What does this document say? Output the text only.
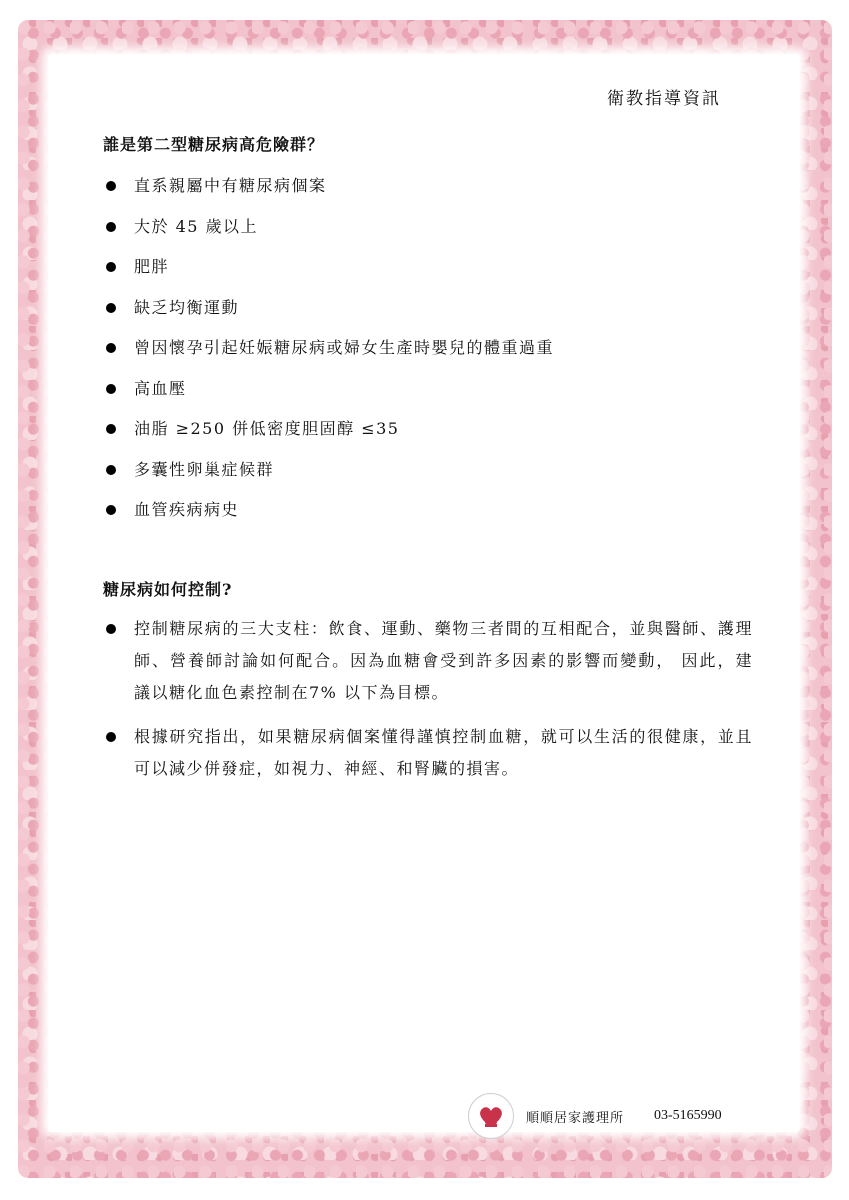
衛教指導資訊
誰是第二型糖尿病高危險群？
直系親屬中有糖尿病個案
大於 45 歲以上
肥胖
缺乏均衡運動
曾因懷孕引起妊娠糖尿病或婦女生產時嬰兒的體重過重
高血壓
油脂 ≥250 併低密度胆固醇 ≤35
多囊性卵巢症候群
血管疾病病史
糖尿病如何控制?
控制糖尿病的三大支柱：飲食、運動、藥物三者間的互相配合，並與醫師、護理師、營養師討論如何配合。因為血糖會受到許多因素的影響而變動， 因此，建議以糖化血色素控制在7% 以下為目標。
根據研究指出，如果糖尿病個案懂得謹慎控制血糖，就可以生活的很健康，並且可以減少併發症，如視力、神經、和腎臟的損害。
順順居家護理所 03-5165990
